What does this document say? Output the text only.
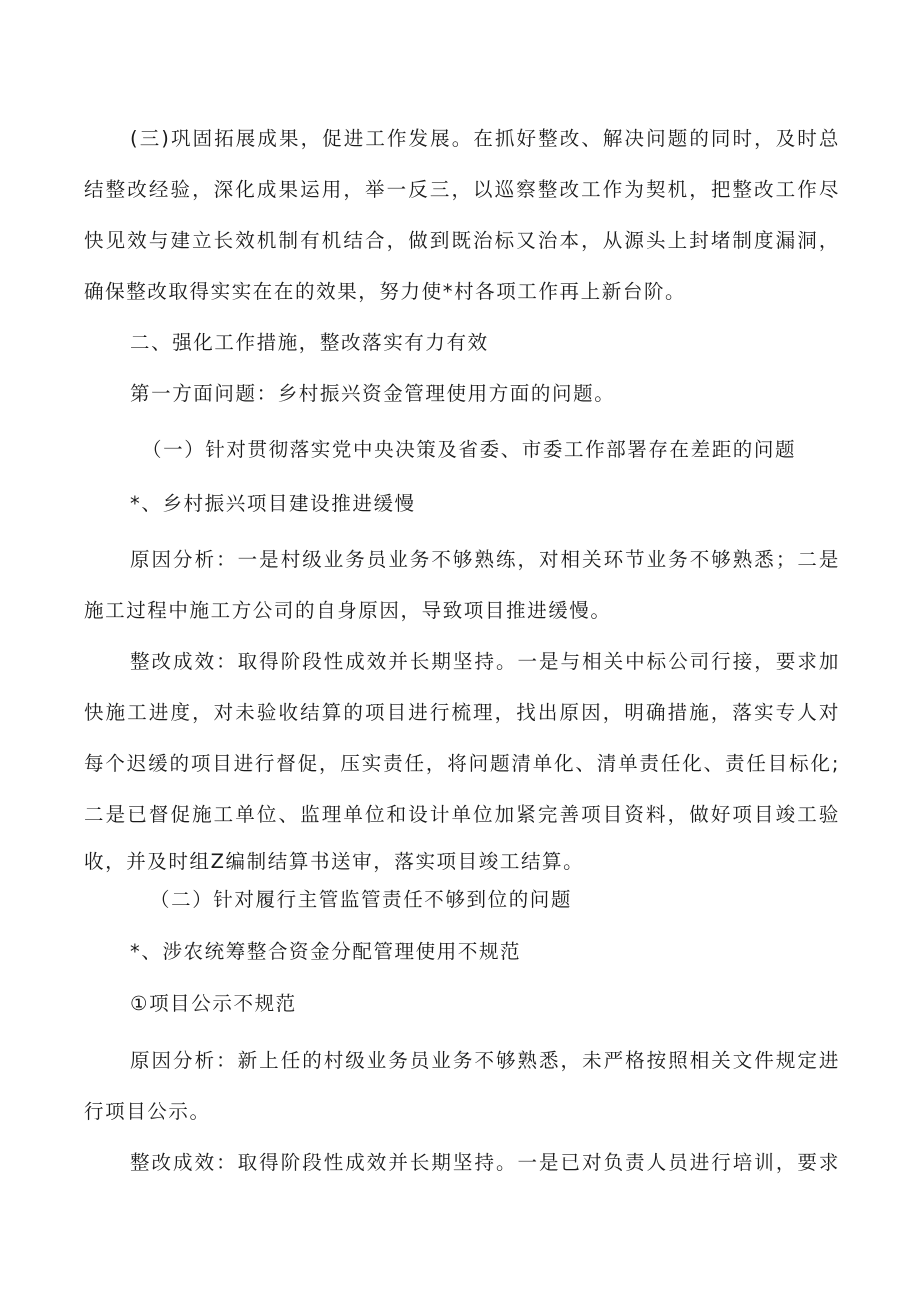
(三)巩固拓展成果，促进工作发展。在抓好整改、解决问题的同时，及时总
结整改经验，深化成果运用，举一反三，以巡察整改工作为契机，把整改工作尽
快见效与建立长效机制有机结合，做到既治标又治本，从源头上封堵制度漏洞，
确保整改取得实实在在的效果，努力使*村各项工作再上新台阶。
二、强化工作措施，整改落实有力有效
第一方面问题：乡村振兴资金管理使用方面的问题。
（一）针对贯彻落实党中央决策及省委、市委工作部署存在差距的问题
*、乡村振兴项目建设推进缓慢
原因分析：一是村级业务员业务不够熟练，对相关环节业务不够熟悉；二是
施工过程中施工方公司的自身原因，导致项目推进缓慢。
整改成效：取得阶段性成效并长期坚持。一是与相关中标公司行接，要求加
快施工进度，对未验收结算的项目进行梳理，找出原因，明确措施，落实专人对
每个迟缓的项目进行督促，压实责任，将问题清单化、清单责任化、责任目标化;
二是已督促施工单位、监理单位和设计单位加紧完善项目资料，做好项目竣工验
收，并及时组Z编制结算书送审，落实项目竣工结算。
（二）针对履行主管监管责任不够到位的问题
*、涉农统筹整合资金分配管理使用不规范
①项目公示不规范
原因分析：新上任的村级业务员业务不够熟悉，未严格按照相关文件规定进
行项目公示。
整改成效：取得阶段性成效并长期坚持。一是已对负责人员进行培训，要求
